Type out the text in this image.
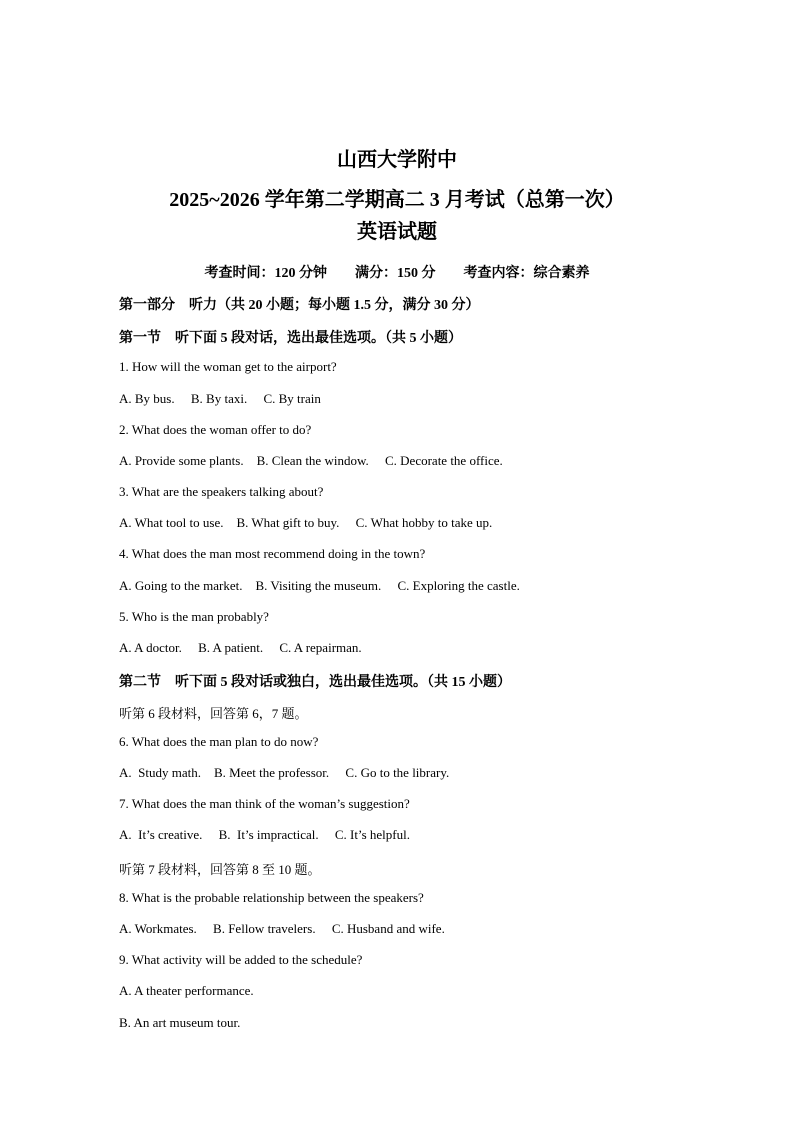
山西大学附中
2025~2026 学年第二学期高二 3 月考试（总第一次）
英语试题
考查时间：120 分钟 满分：150 分 考查内容：综合素养
第一部分    听力（共 20 小题；每小题 1.5 分，满分 30 分）
第一节    听下面 5 段对话，选出最佳选项。（共 5 小题）
1. How will the woman get to the airport?
A. By bus.     B. By taxi.     C. By train
2. What does the woman offer to do?
A. Provide some plants.    B. Clean the window.     C. Decorate the office.
3. What are the speakers talking about?
A. What tool to use.    B. What gift to buy.     C. What hobby to take up.
4. What does the man most recommend doing in the town?
A. Going to the market.    B. Visiting the museum.     C. Exploring the castle.
5. Who is the man probably?
A. A doctor.     B. A patient.     C. A repairman.
第二节    听下面 5 段对话或独白，选出最佳选项。（共 15 小题）
听第 6 段材料，回答第 6，7 题。
6. What does the man plan to do now?
A.  Study math.    B. Meet the professor.     C. Go to the library.
7. What does the man think of the woman’s suggestion?
A.  It’s creative.     B.  It’s impractical.     C. It’s helpful.
听第 7 段材料，回答第 8 至 10 题。
8. What is the probable relationship between the speakers?
A. Workmates.     B. Fellow travelers.     C. Husband and wife.
9. What activity will be added to the schedule?
A. A theater performance.
B. An art museum tour.
